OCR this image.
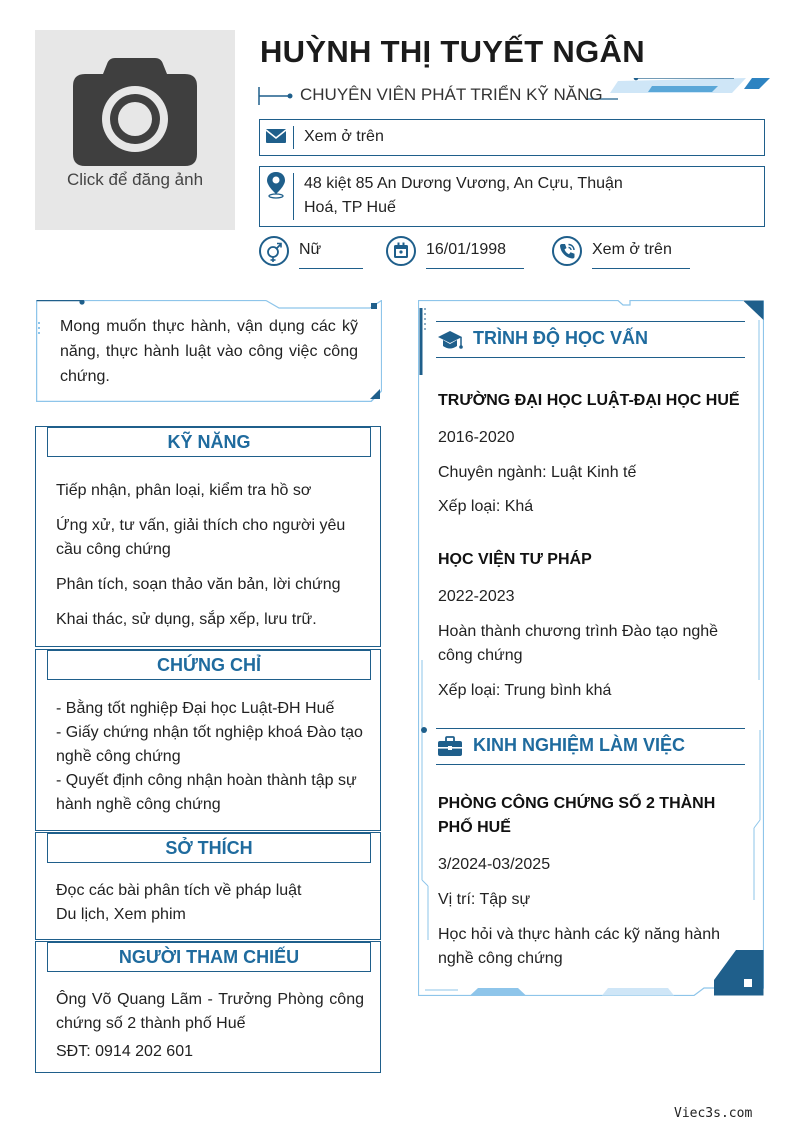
Click để đăng ảnh
HUỲNH THỊ TUYẾT NGÂN
CHUYÊN VIÊN PHÁT TRIỂN KỸ NĂNG
Xem ở trên
48 kiệt 85 An Dương Vương, An Cựu, Thuận
Hoá, TP Huế
Nữ	16/01/1998	Xem ở trên
Mong muốn thực hành, vận dụng các kỹ năng, thực hành luật vào công việc công chứng.
KỸ NĂNG

Tiếp nhận, phân loại, kiểm tra hồ sơ

Ứng xử, tư vấn, giải thích cho người yêu cầu công chứng

Phân tích, soạn thảo văn bản, lời chứng

Khai thác, sử dụng, sắp xếp, lưu trữ.

CHỨNG CHỈ

- Bằng tốt nghiệp Đại học Luật-ĐH Huế

- Giấy chứng nhận tốt nghiệp khoá Đào tạo nghề công chứng

- Quyết định công nhận hoàn thành tập sự hành nghề công chứng

SỞ THÍCH

Đọc các bài phân tích về pháp luật

Du lịch, Xem phim

NGƯỜI THAM CHIẾU

Ông Võ Quang Lãm - Trưởng Phòng công chứng số 2 thành phố Huế

SĐT: 0914 202 601

TRÌNH ĐỘ HỌC VẤN
TRƯỜNG ĐẠI HỌC LUẬT-ĐẠI HỌC HUẾ
2016-2020
Chuyên ngành: Luật Kinh tế
Xếp loại: Khá
HỌC VIỆN TƯ PHÁP
2022-2023
Hoàn thành chương trình Đào tạo nghề công chứng
Xếp loại: Trung bình khá
KINH NGHIỆM LÀM VIỆC
PHÒNG CÔNG CHỨNG SỐ 2 THÀNH PHỐ HUẾ
3/2024-03/2025
Vị trí: Tập sự
Học hỏi và thực hành các kỹ năng hành nghề công chứng
Viec3s.com
